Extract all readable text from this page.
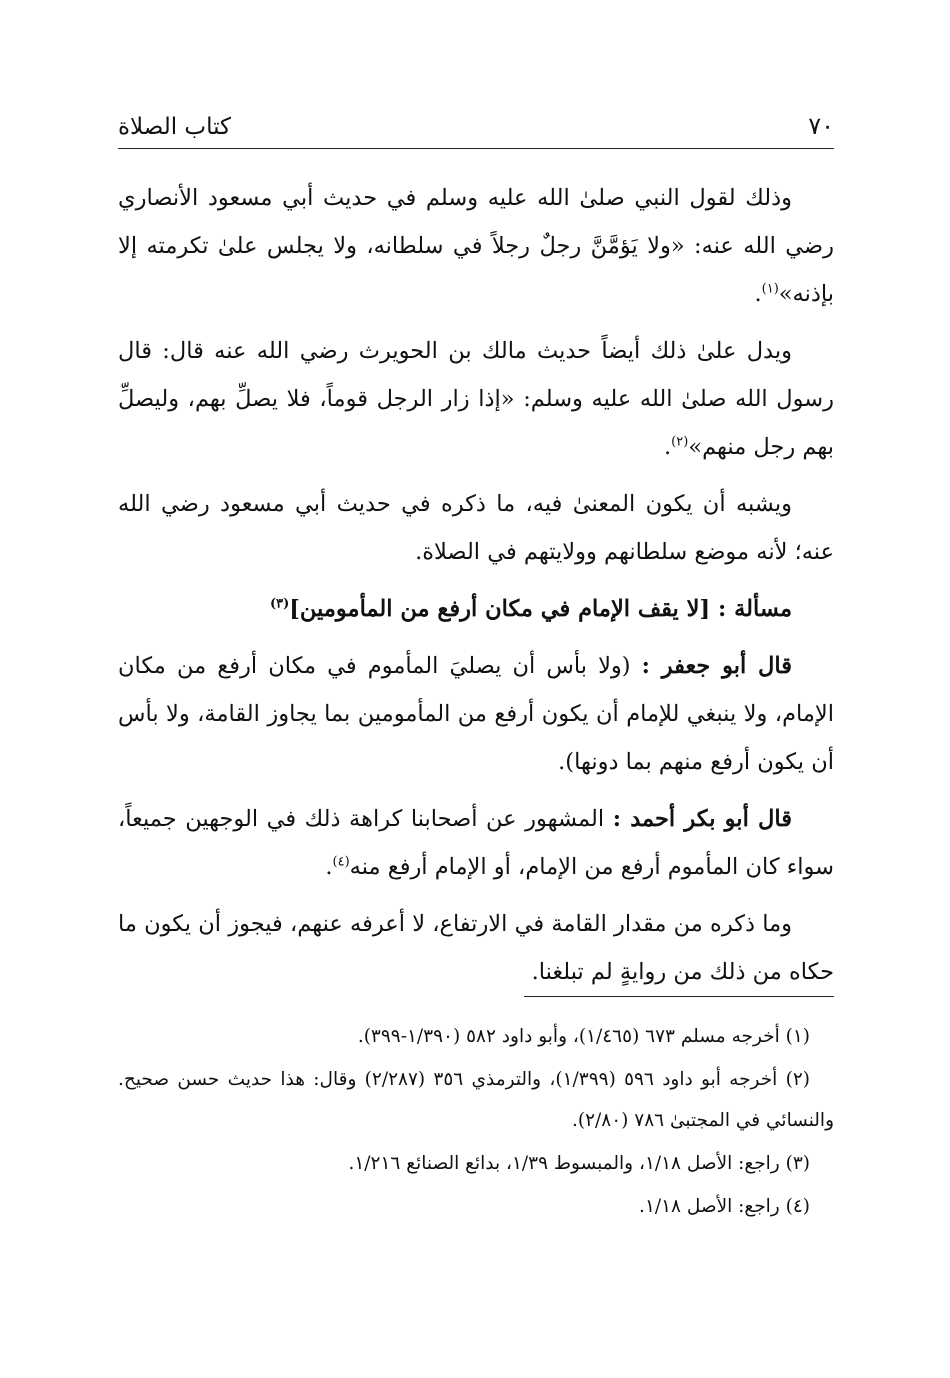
٧٠
كتاب الصلاة

وذلك لقول النبي صلىٰ الله عليه وسلم في حديث أبي مسعود الأنصاري رضي الله عنه: «ولا يَؤمَّنَّ رجلٌ رجلاً في سلطانه، ولا يجلس علىٰ تكرمته إلا بإذنه»$^{(١)}$.

ويدل علىٰ ذلك أيضاً حديث مالك بن الحويرث رضي الله عنه قال: قال رسول الله صلىٰ الله عليه وسلم: «إذا زار الرجل قوماً، فلا يصلِّ بهم، وليصلِّ بهم رجل منهم»$^{(٢)}$.

ويشبه أن يكون المعنىٰ فيه، ما ذكره في حديث أبي مسعود رضي الله عنه؛ لأنه موضع سلطانهم وولايتهم في الصلاة.

مسألة : [لا يقف الإمام في مكان أرفع من المأمومين]$^{(٣)}$

قال أبو جعفر : (ولا بأس أن يصليَ المأموم في مكان أرفع من مكان الإمام، ولا ينبغي للإمام أن يكون أرفع من المأمومين بما يجاوز القامة، ولا بأس أن يكون أرفع منهم بما دونها).

قال أبو بكر أحمد : المشهور عن أصحابنا كراهة ذلك في الوجهين جميعاً، سواء كان المأموم أرفع من الإمام، أو الإمام أرفع منه$^{(٤)}$.

وما ذكره من مقدار القامة في الارتفاع، لا أعرفه عنهم، فيجوز أن يكون ما حكاه من ذلك من روايةٍ لم تبلغنا.

(١) أخرجه مسلم ٦٧٣ (١/٤٦٥)، وأبو داود ٥٨٢ (١/٣٩٠-٣٩٩).

(٢) أخرجه أبو داود ٥٩٦ (١/٣٩٩)، والترمذي ٣٥٦ (٢/٢٨٧) وقال: هذا حديث حسن صحيح. والنسائي في المجتبىٰ ٧٨٦ (٢/٨٠).

(٣) راجع: الأصل ١/١٨، والمبسوط ١/٣٩، بدائع الصنائع ١/٢١٦.

(٤) راجع: الأصل ١/١٨.
